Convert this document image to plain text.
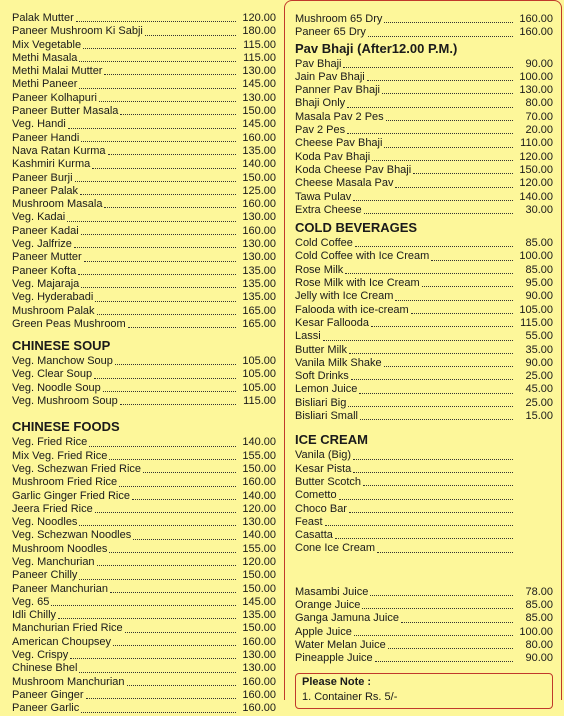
Palak Mutter	120.00
Paneer Mushroom Ki Sabji	180.00
Mix Vegetable	115.00
Methi Masala	115.00
Methi Malai Mutter	130.00
Methi Paneer	145.00
Paneer Kolhapuri	130.00
Paneer Butter Masala	150.00
Veg. Handi	145.00
Paneer Handi	160.00
Nava Ratan Kurma	135.00
Kashmiri Kurma	140.00
Paneer Burji	150.00
Paneer Palak	125.00
Mushroom Masala	160.00
Veg. Kadai	130.00
Paneer Kadai	160.00
Veg. Jalfrize	130.00
Paneer Mutter	130.00
Paneer Kofta	135.00
Veg. Majaraja	135.00
Veg. Hyderabadi	135.00
Mushroom Palak	165.00
Green Peas Mushroom	165.00
CHINESE SOUP
Veg. Manchow Soup	105.00
Veg. Clear Soup	105.00
Veg. Noodle Soup	105.00
Veg. Mushroom Soup	115.00
CHINESE FOODS
Veg. Fried Rice	140.00
Mix Veg. Fried Rice	155.00
Veg. Schezwan Fried Rice	150.00
Mushroom Fried Rice	160.00
Garlic Ginger Fried Rice	140.00
Jeera Fried Rice	120.00
Veg. Noodles	130.00
Veg. Schezwan Noodles	140.00
Mushroom Noodles	155.00
Veg. Manchurian	120.00
Paneer Chilly	150.00
Paneer Manchurian	150.00
Veg. 65	145.00
Idli Chilly	135.00
Manchurian Fried Rice	150.00
American Choupsey	160.00
Veg. Crispy	130.00
Chinese Bhel	130.00
Mushroom Manchurian	160.00
Paneer Ginger	160.00
Paneer Garlic	160.00
Mushroom 65 Dry	160.00
Paneer 65 Dry	160.00
Pav Bhaji (After12.00 P.M.)
Pav Bhaji	90.00
Jain Pav Bhaji	100.00
Panner Pav Bhaji	130.00
Bhaji Only	80.00
Masala Pav 2 Pes	70.00
Pav 2 Pes	20.00
Cheese Pav Bhaji	110.00
Koda Pav Bhaji	120.00
Koda Cheese Pav Bhaji	150.00
Cheese Masala Pav	120.00
Tawa Pulav	140.00
Extra Cheese	30.00
COLD BEVERAGES
Cold Coffee	85.00
Cold Coffee with Ice Cream	100.00
Rose Milk	85.00
Rose Milk with Ice Cream	95.00
Jelly with Ice Cream	90.00
Falooda with ice-cream	105.00
Kesar Fallooda	115.00
Lassi	55.00
Butter Milk	35.00
Vanila Milk Shake	90.00
Soft Drinks	25.00
Lemon Juice	45.00
Bisliari Big	25.00
Bisliari Small	15.00
ICE CREAM
Vanila (Big)
Kesar Pista
Butter Scotch
Cometto
Choco Bar
Feast
Casatta
Cone Ice Cream
Masambi Juice	78.00
Orange Juice	85.00
Ganga Jamuna Juice	85.00
Apple Juice	100.00
Water Melan Juice	80.00
Pineapple Juice	90.00
Please Note :
1. Container Rs. 5/-
